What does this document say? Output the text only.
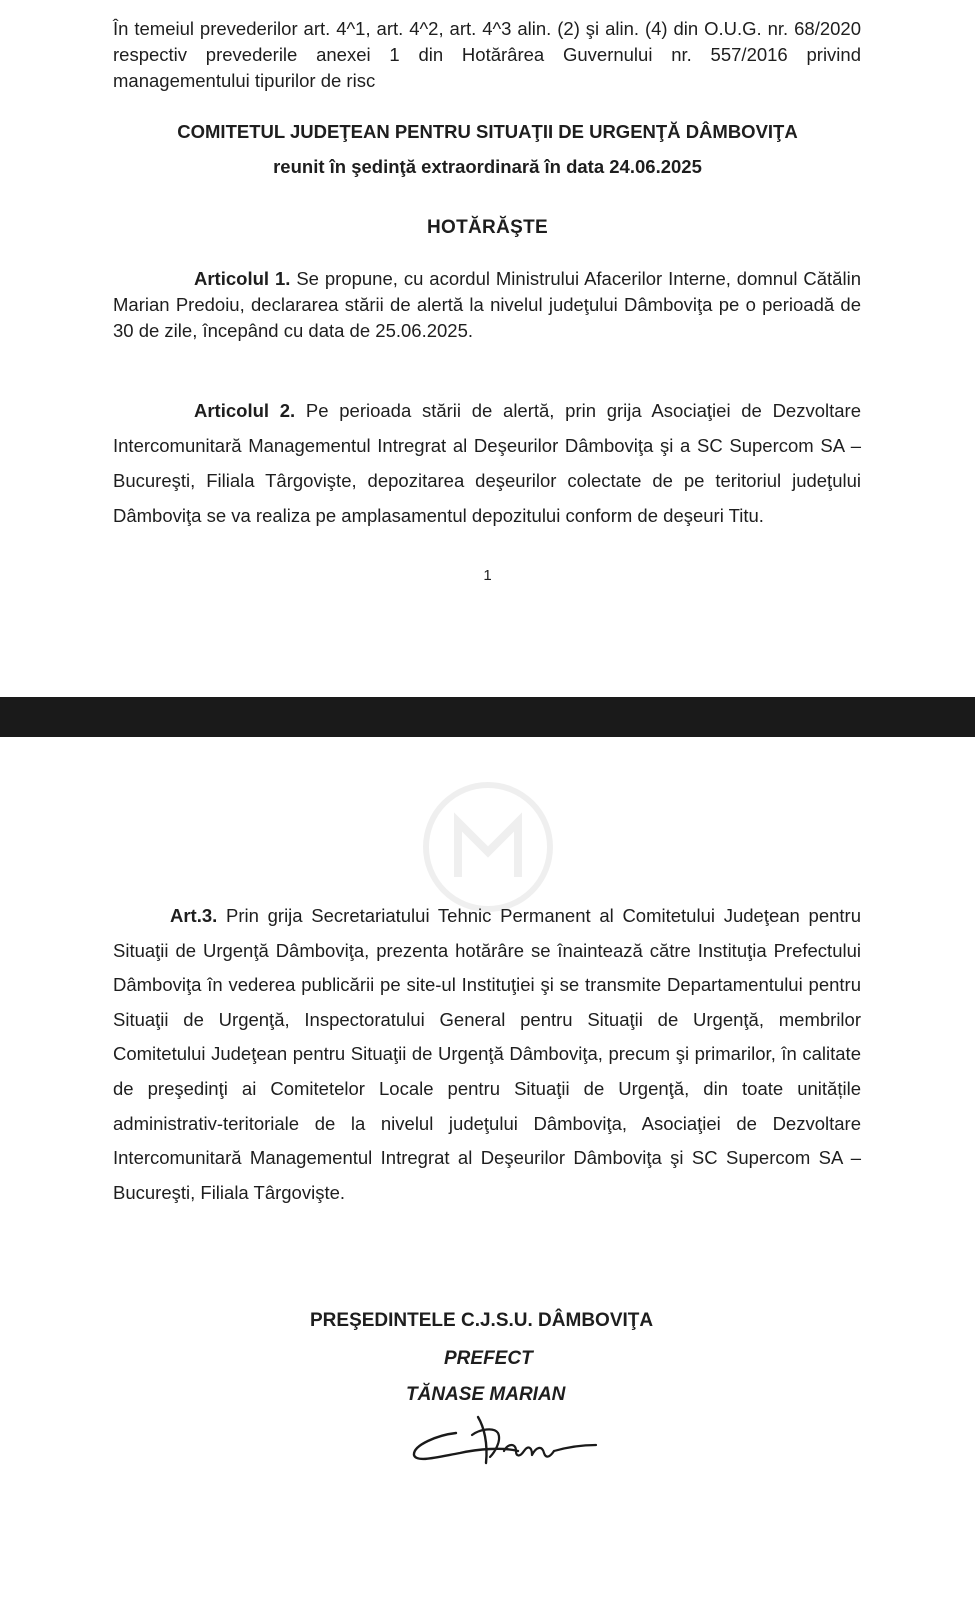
În temeiul prevederilor art. 4^1, art. 4^2, art. 4^3 alin. (2) şi alin. (4) din O.U.G. nr. 68/2020 respectiv prevederile anexei 1 din Hotărârea Guvernului nr. 557/2016 privind managementului tipurilor de risc

COMITETUL JUDEŢEAN PENTRU SITUAŢII DE URGENŢĂ DÂMBOVIŢA

reunit în şedinţă extraordinară în data 24.06.2025

HOTĂRĂŞTE

Articolul 1. Se propune, cu acordul Ministrului Afacerilor Interne, domnul Cătălin Marian Predoiu, declararea stării de alertă la nivelul judeţului Dâmboviţa pe o perioadă de 30 de zile, începând cu data de 25.06.2025.

Articolul 2. Pe perioada stării de alertă, prin grija Asociaţiei de Dezvoltare Intercomunitară Managementul Intregrat al Deşeurilor Dâmboviţa şi a SC Supercom SA – Bucureşti, Filiala Târgovişte, depozitarea deşeurilor colectate de pe teritoriul judeţului Dâmboviţa se va realiza pe amplasamentul depozitului conform de deşeuri Titu.

1

Art.3. Prin grija Secretariatului Tehnic Permanent al Comitetului Judeţean pentru Situaţii de Urgenţă Dâmboviţa, prezenta hotărâre se înaintează către Instituţia Prefectului Dâmboviţa în vederea publicării pe site-ul Instituţiei şi se transmite Departamentului pentru Situaţii de Urgenţă, Inspectoratului General pentru Situaţii de Urgenţă, membrilor Comitetului Judeţean pentru Situaţii de Urgenţă Dâmboviţa, precum şi primarilor, în calitate de preşedinţi ai Comitetelor Locale pentru Situaţii de Urgenţă, din toate unitățile administrativ-teritoriale de la nivelul judeţului Dâmboviţa, Asociaţiei de Dezvoltare Intercomunitară Managementul Intregrat al Deşeurilor Dâmboviţa şi SC Supercom SA – Bucureşti, Filiala Târgovişte.

PREŞEDINTELE C.J.S.U. DÂMBOVIŢA

PREFECT

TĂNASE MARIAN
